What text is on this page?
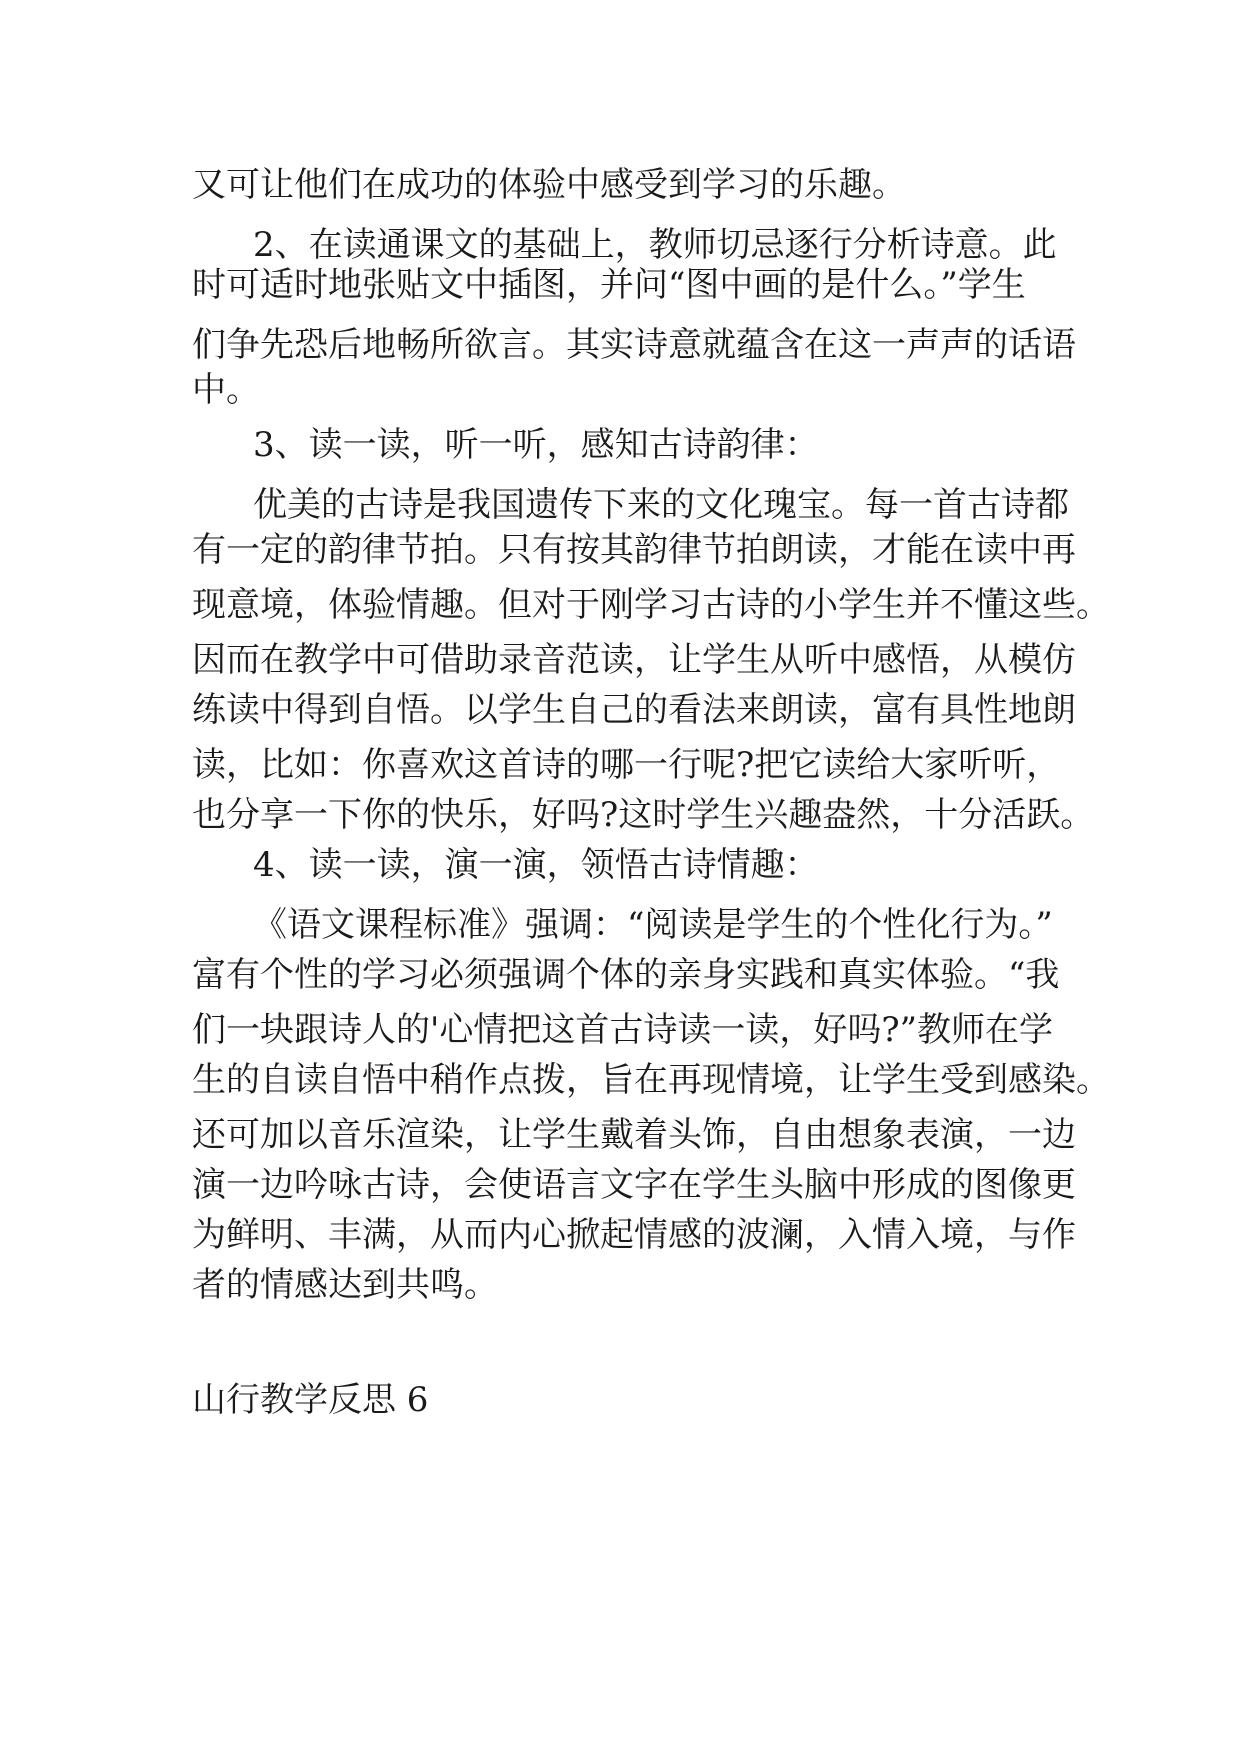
又可让他们在成功的体验中感受到学习的乐趣。
2、在读通课文的基础上，教师切忌逐行分析诗意。此
时可适时地张贴文中插图，并问“图中画的是什么。”学生
们争先恐后地畅所欲言。其实诗意就蕴含在这一声声的话语
中。
3、读一读，听一听，感知古诗韵律：
优美的古诗是我国遗传下来的文化瑰宝。每一首古诗都
有一定的韵律节拍。只有按其韵律节拍朗读，才能在读中再
现意境，体验情趣。但对于刚学习古诗的小学生并不懂这些。
因而在教学中可借助录音范读，让学生从听中感悟，从模仿
练读中得到自悟。以学生自己的看法来朗读，富有具性地朗
读，比如：你喜欢这首诗的哪一行呢?把它读给大家听听，
也分享一下你的快乐，好吗?这时学生兴趣盎然，十分活跃。
4、读一读，演一演，领悟古诗情趣：
《语文课程标准》强调：“阅读是学生的个性化行为。”
富有个性的学习必须强调个体的亲身实践和真实体验。“我
们一块跟诗人的'心情把这首古诗读一读，好吗?”教师在学
生的自读自悟中稍作点拨，旨在再现情境，让学生受到感染。
还可加以音乐渲染，让学生戴着头饰，自由想象表演，一边
演一边吟咏古诗，会使语言文字在学生头脑中形成的图像更
为鲜明、丰满，从而内心掀起情感的波澜，入情入境，与作
者的情感达到共鸣。
山行教学反思 6
